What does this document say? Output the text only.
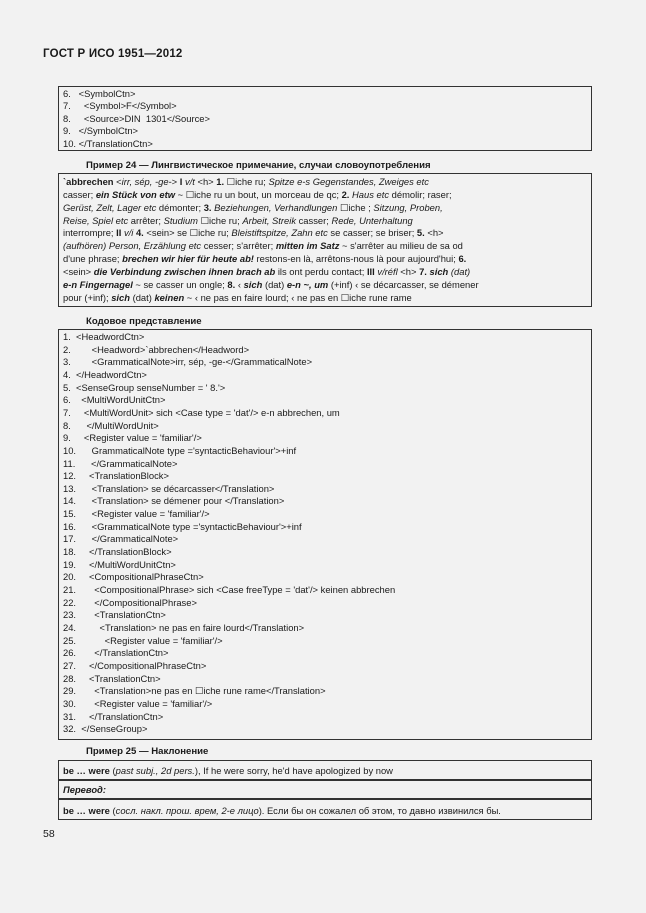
ГОСТ Р ИСО 1951—2012
6.   <SymbolCtn>
7.     <Symbol>F</Symbol>
8.     <Source>DIN  1301</Source>
9.   </SymbolCtn>
10. </TranslationCtn>
Пример 24 — Лингвистическое примечание, случаи словоупотребления
`abbrechen <irr, sép, -ge-> I v/t <h> 1. ☐iche ru; Spitze e-s Gegenstandes, Zweiges etc
casser; ein Stück von etw ~ ☐iche ru un bout, un morceau de qc; 2. Haus etc démolir; raser;
Gerüst, Zelt, Lager etc démonter; 3. Beziehungen, Verhandlungen ☐iche ; Sitzung, Proben,
Reise, Spiel etc arrêter; Studium ☐iche ru; Arbeit, Streik casser; Rede, Unterhaltung
interrompre; II v/i 4. <sein> se ☐iche ru; Bleistiftspitze, Zahn etc se casser; se briser; 5. <h>
(aufhören) Person, Erzählung etc cesser; s'arrêter; mitten im Satz ~ s'arrêter au milieu de sa od
d'une phrase; brechen wir hier für heute ab! restons-en là, arrêtons-nous là pour aujourd'hui; 6.
<sein> die Verbindung zwischen ihnen brach ab ils ont perdu contact; III v/réfl <h> 7. sich (dat)
e-n Fingernagel ~ se casser un ongle; 8. ‹ sich (dat) e-n ~, um (+inf) ‹ se décarcasser, se démener
pour (+inf); sich (dat) keinen ~ ‹ ne pas en faire lourd; ‹ ne pas en ☐iche rune rame
Кодовое представление
1.  <HeadwordCtn>
2.        <Headword>`abbrechen</Headword>
3.        <GrammaticalNote>irr, sép, -ge-</GrammaticalNote>
4.  </HeadwordCtn>
5.  <SenseGroup senseNumber = ' 8.'>
6.    <MultiWordUnitCtn>
7.     <MultiWordUnit> sich <Case type = 'dat'/> e-n abbrechen, um
8.      </MultiWordUnit>
9.     <Register value = 'familiar'/>
10.      GrammaticalNote type ='syntacticBehaviour'>+inf
11.      </GrammaticalNote>
12.     <TranslationBlock>
13.      <Translation> se décarcasser</Translation>
14.      <Translation> se démener pour </Translation>
15.      <Register value = 'familiar'/>
16.      <GrammaticalNote type ='syntacticBehaviour'>+inf
17.      </GrammaticalNote>
18.     </TranslationBlock>
19.     </MultiWordUnitCtn>
20.     <CompositionalPhraseCtn>
21.       <CompositionalPhrase> sich <Case freeType = 'dat'/> keinen abbrechen
22.       </CompositionalPhrase>
23.       <TranslationCtn>
24.         <Translation> ne pas en faire lourd</Translation>
25.           <Register value = 'familiar'/>
26.       </TranslationCtn>
27.     </CompositionalPhraseCtn>
28.     <TranslationCtn>
29.       <Translation>ne pas en ☐iche rune rame</Translation>
30.       <Register value = 'familiar'/>
31.     </TranslationCtn>
32.  </SenseGroup>
Пример 25 — Наклонение
be … were (past subj., 2d pers.), If he were sorry, he'd have apologized by now
Перевод:
be … were (сосл. накл. прош. врем, 2-е лицо). Если бы он сожалел об этом, то давно извинился бы.
58
